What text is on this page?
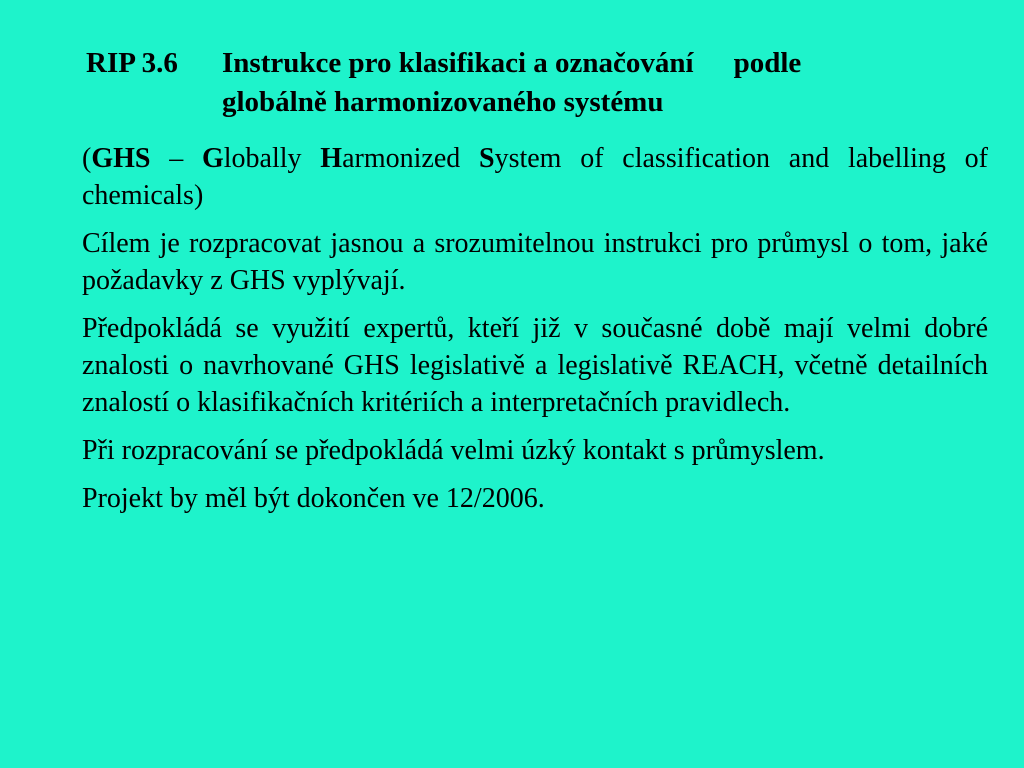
RIP 3.6 Instrukce pro klasifikaci a označování podle
globálně harmonizovaného systému

(GHS – Globally Harmonized System of classification and labelling of chemicals)

Cílem je rozpracovat jasnou a srozumitelnou instrukci pro průmysl o tom, jaké požadavky z GHS vyplývají.

Předpokládá se využití expertů, kteří již v současné době mají velmi dobré znalosti o navrhované GHS legislativě a legislativě REACH, včetně detailních znalostí o klasifikačních kritériích a interpretačních pravidlech.

Při rozpracování se předpokládá velmi úzký kontakt s průmyslem.

Projekt by měl být dokončen ve 12/2006.
